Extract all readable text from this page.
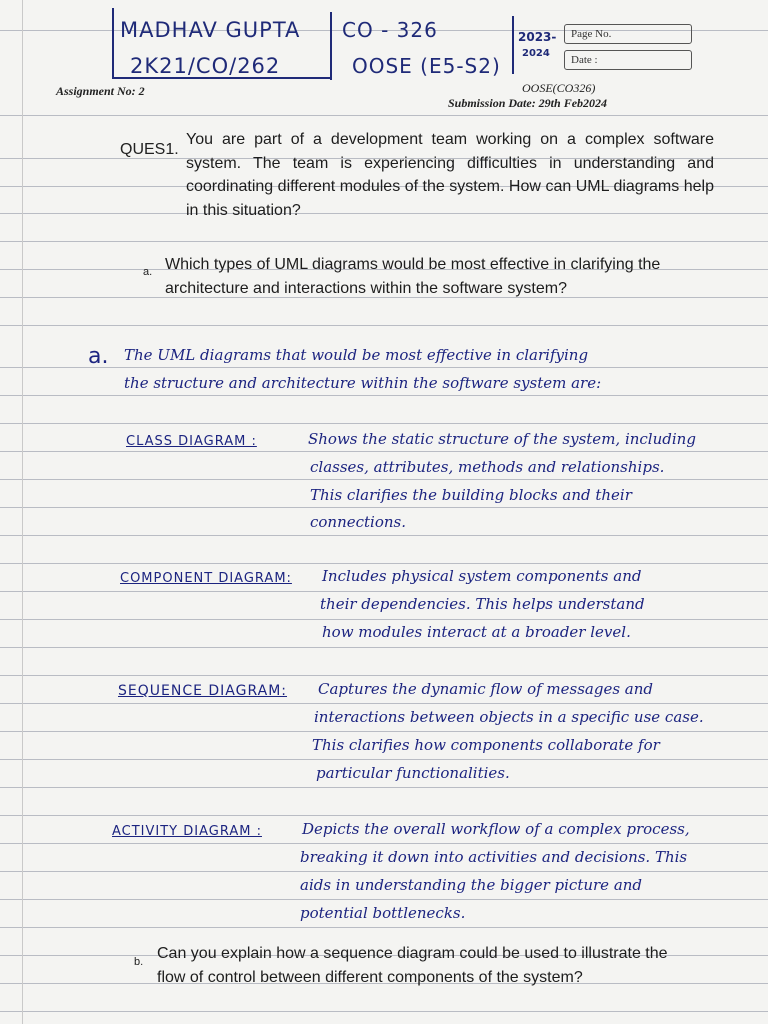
MADHAV GUPTA
2K21/CO/262
CO - 326
OOSE (E5-S2)
2023-
2024
Page No.
Date :
Assignment No: 2	OOSE(CO326)
Submission Date: 29th Feb2024
QUES1.
You are part of a development team working on a complex software system. The team is experiencing difficulties in understanding and coordinating different modules of the system. How can UML diagrams help in this situation?
a. Which types of UML diagrams would be most effective in clarifying the architecture and interactions within the software system?
a. The UML diagrams that would be most effective in clarifying
the structure and architecture within the software system are:
CLASS DIAGRAM :	Shows the static structure of the system, including
classes, attributes, methods and relationships.
This clarifies the building blocks and their
connections.
COMPONENT DIAGRAM: Includes physical system components and
their dependencies. This helps understand
how modules interact at a broader level.
SEQUENCE DIAGRAM: Captures the dynamic flow of messages and
interactions between objects in a specific use case.
This clarifies how components collaborate for
particular functionalities.
ACTIVITY DIAGRAM :	Depicts the overall workflow of a complex process,
breaking it down into activities and decisions. This
aids in understanding the bigger picture and
potential bottlenecks.
b. Can you explain how a sequence diagram could be used to illustrate the flow of control between different components of the system?
